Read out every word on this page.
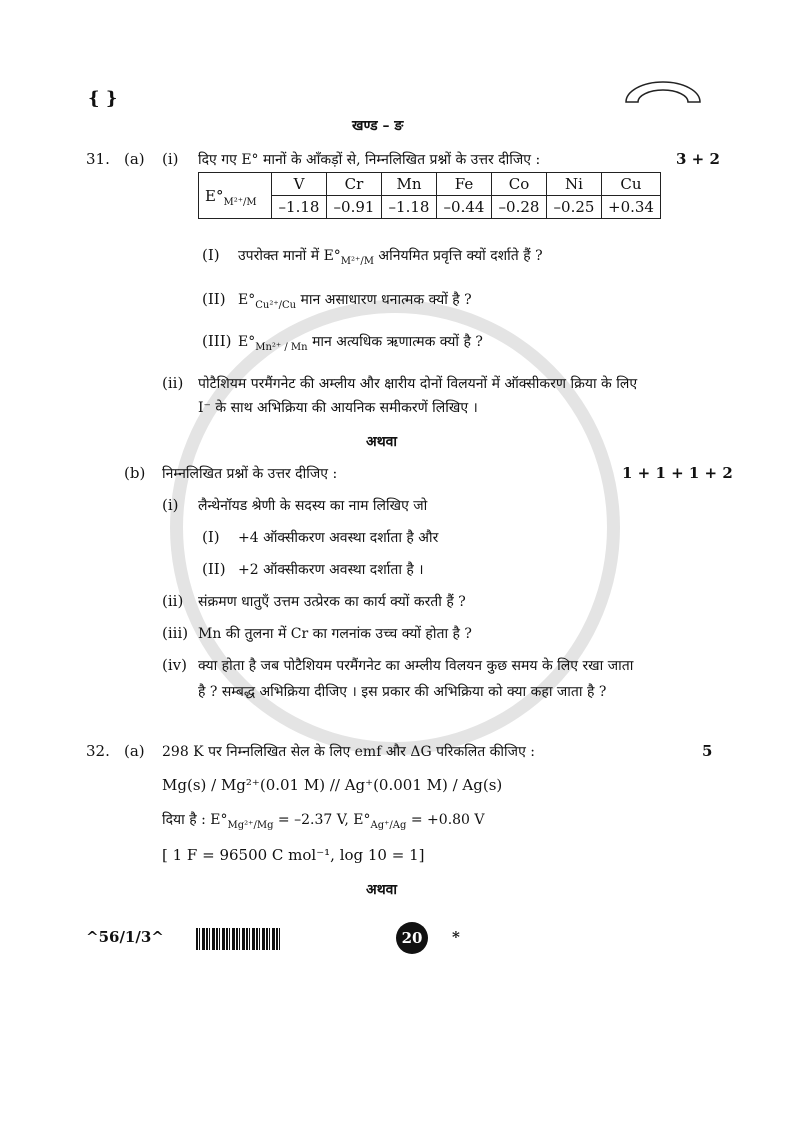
{ }
खण्ड – ङ
31. (a) (i) दिए गए E° मानों के आँकड़ों से, निम्नलिखित प्रश्नों के उत्तर दीजिए :	3 + 2
$E^\circ_{M^{2+}/M}$	V	Cr	Mn	Fe	Co	Ni	Cu
	–1.18	–0.91	–1.18	–0.44	–0.28	–0.25	+0.34
(I) उपरोक्त मानों में $E^\circ_{M^{2+}/M}$ अनियमित प्रवृत्ति क्यों दर्शाते हैं ?
(II) $E^\circ_{Cu^{2+}/Cu}$ मान असाधारण धनात्मक क्यों है ?
(III) $E^\circ_{Mn^{2+} / Mn}$ मान अत्यधिक ऋणात्मक क्यों है ?
(ii) पोटैशियम परमैंगनेट की अम्लीय और क्षारीय दोनों विलयनों में ऑक्सीकरण क्रिया के लिए
I⁻ के साथ अभिक्रिया की आयनिक समीकरणें लिखिए ।
अथवा
(b) निम्नलिखित प्रश्नों के उत्तर दीजिए :	1 + 1 + 1 + 2
(i) लैन्थेनॉयड श्रेणी के सदस्य का नाम लिखिए जो
(I) +4 ऑक्सीकरण अवस्था दर्शाता है और
(II) +2 ऑक्सीकरण अवस्था दर्शाता है ।
(ii) संक्रमण धातुएँ उत्तम उत्प्रेरक का कार्य क्यों करती हैं ?
(iii) Mn की तुलना में Cr का गलनांक उच्च क्यों होता है ?
(iv) क्या होता है जब पोटैशियम परमैंगनेट का अम्लीय विलयन कुछ समय के लिए रखा जाता
है ? सम्बद्ध अभिक्रिया दीजिए । इस प्रकार की अभिक्रिया को क्या कहा जाता है ?
32. (a) 298 K पर निम्नलिखित सेल के लिए emf और ΔG परिकलित कीजिए :	5
Mg(s) / Mg²⁺(0.01 M) // Ag⁺(0.001 M) / Ag(s)
दिया है : $E^\circ_{Mg^{2+}/Mg} = -2.37$ V, $E^\circ_{Ag^+/Ag} = +0.80$ V
[ 1 F = 96500 C mol⁻¹, log 10 = 1]
अथवा
^56/1/3^	20	*
